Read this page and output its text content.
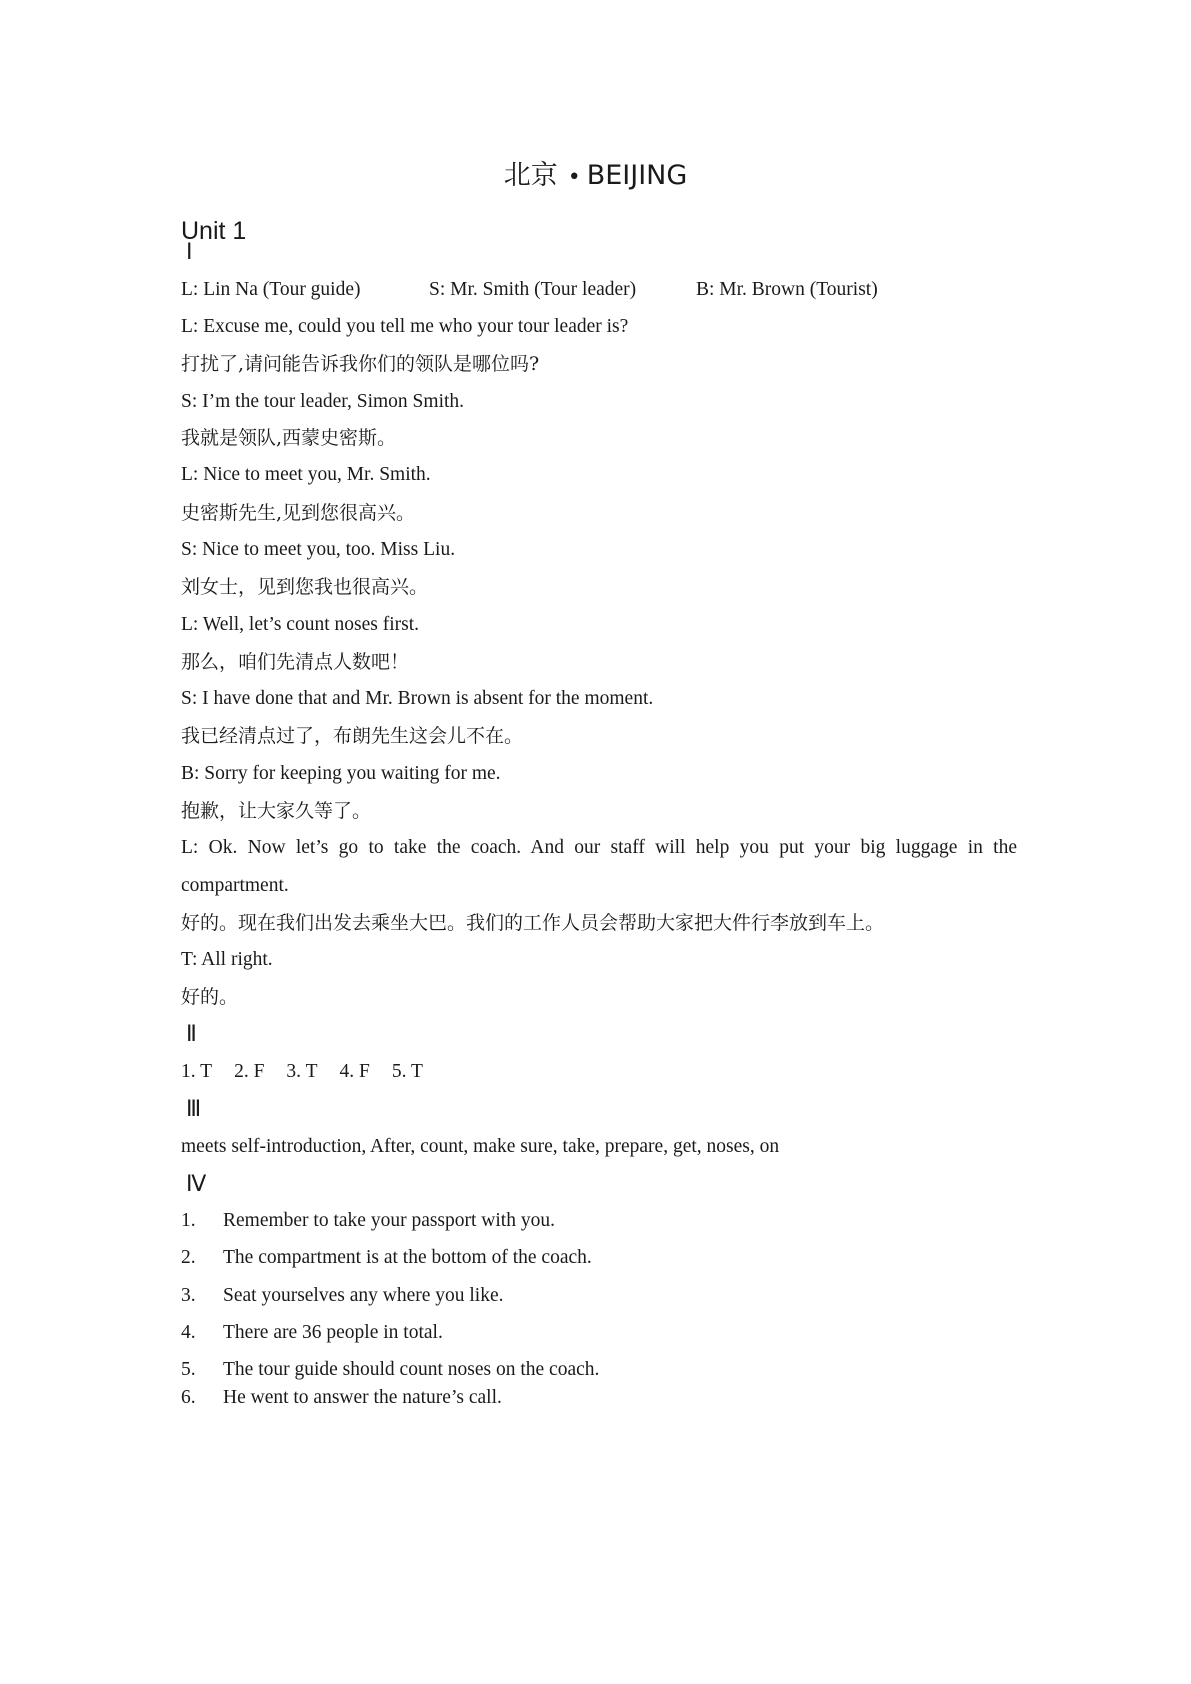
北京 • BEIJING
Unit 1
Ⅰ
L: Lin Na (Tour guide)	S: Mr. Smith (Tour leader)	B: Mr. Brown (Tourist)
L: Excuse me, could you tell me who your tour leader is?
打扰了,请问能告诉我你们的领队是哪位吗?
S: I’m the tour leader, Simon Smith.
我就是领队,西蒙史密斯。
L: Nice to meet you, Mr. Smith.
史密斯先生,见到您很高兴。
S: Nice to meet you, too. Miss Liu.
刘女士，见到您我也很高兴。
L: Well, let’s count noses first.
那么，咱们先清点人数吧！
S: I have done that and Mr. Brown is absent for the moment.
我已经清点过了，布朗先生这会儿不在。
B: Sorry for keeping you waiting for me.
抱歉，让大家久等了。
L: Ok. Now let’s go to take the coach. And our staff will help you put your big luggage in the
compartment.
好的。现在我们出发去乘坐大巴。我们的工作人员会帮助大家把大件行李放到车上。
T: All right.
好的。
Ⅱ
1. T 2. F 3. T 4. F 5. T
Ⅲ
meets self-introduction, After, count, make sure, take, prepare, get, noses, on
Ⅳ
1. Remember to take your passport with you.
2. The compartment is at the bottom of the coach.
3. Seat yourselves any where you like.
4. There are 36 people in total.
5. The tour guide should count noses on the coach.
6. He went to answer the nature’s call.
